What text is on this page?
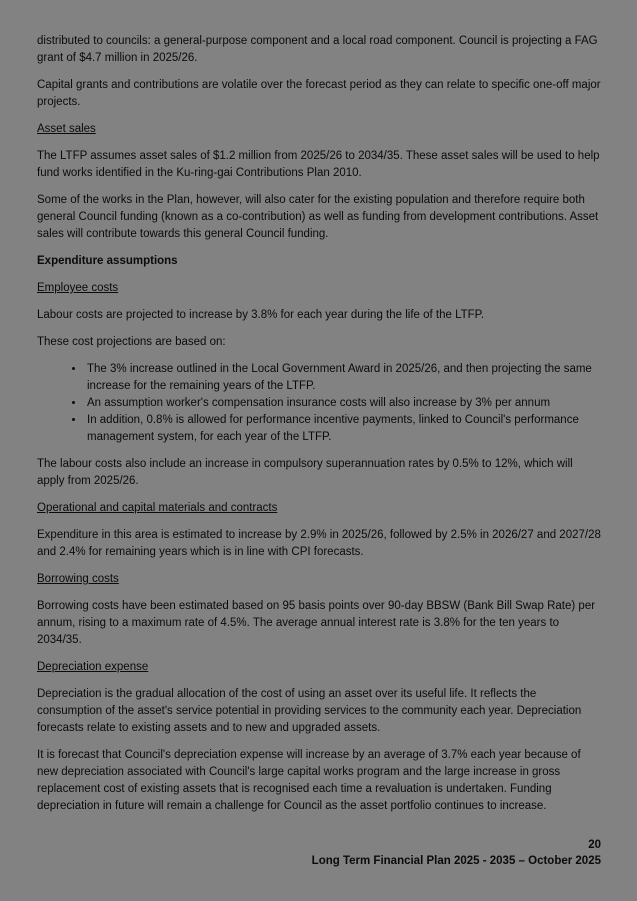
distributed to councils: a general-purpose component and a local road component. Council is projecting a FAG grant of $4.7 million in 2025/26.

Capital grants and contributions are volatile over the forecast period as they can relate to specific one-off major projects.

Asset sales

The LTFP assumes asset sales of $1.2 million from 2025/26 to 2034/35. These asset sales will be used to help fund works identified in the Ku-ring-gai Contributions Plan 2010.

Some of the works in the Plan, however, will also cater for the existing population and therefore require both general Council funding (known as a co-contribution) as well as funding from development contributions. Asset sales will contribute towards this general Council funding.

Expenditure assumptions

Employee costs

Labour costs are projected to increase by 3.8% for each year during the life of the LTFP.

These cost projections are based on:

• The 3% increase outlined in the Local Government Award in 2025/26, and then projecting the same increase for the remaining years of the LTFP.
• An assumption worker's compensation insurance costs will also increase by 3% per annum
• In addition, 0.8% is allowed for performance incentive payments, linked to Council's performance management system, for each year of the LTFP.

The labour costs also include an increase in compulsory superannuation rates by 0.5% to 12%, which will apply from 2025/26.

Operational and capital materials and contracts

Expenditure in this area is estimated to increase by 2.9% in 2025/26, followed by 2.5% in 2026/27 and 2027/28 and 2.4% for remaining years which is in line with CPI forecasts.

Borrowing costs

Borrowing costs have been estimated based on 95 basis points over 90-day BBSW (Bank Bill Swap Rate) per annum, rising to a maximum rate of 4.5%. The average annual interest rate is 3.8% for the ten years to 2034/35.

Depreciation expense

Depreciation is the gradual allocation of the cost of using an asset over its useful life. It reflects the consumption of the asset's service potential in providing services to the community each year. Depreciation forecasts relate to existing assets and to new and upgraded assets.

It is forecast that Council's depreciation expense will increase by an average of 3.7% each year because of new depreciation associated with Council's large capital works program and the large increase in gross replacement cost of existing assets that is recognised each time a revaluation is undertaken. Funding depreciation in future will remain a challenge for Council as the asset portfolio continues to increase.

20
Long Term Financial Plan 2025 - 2035 – October 2025
